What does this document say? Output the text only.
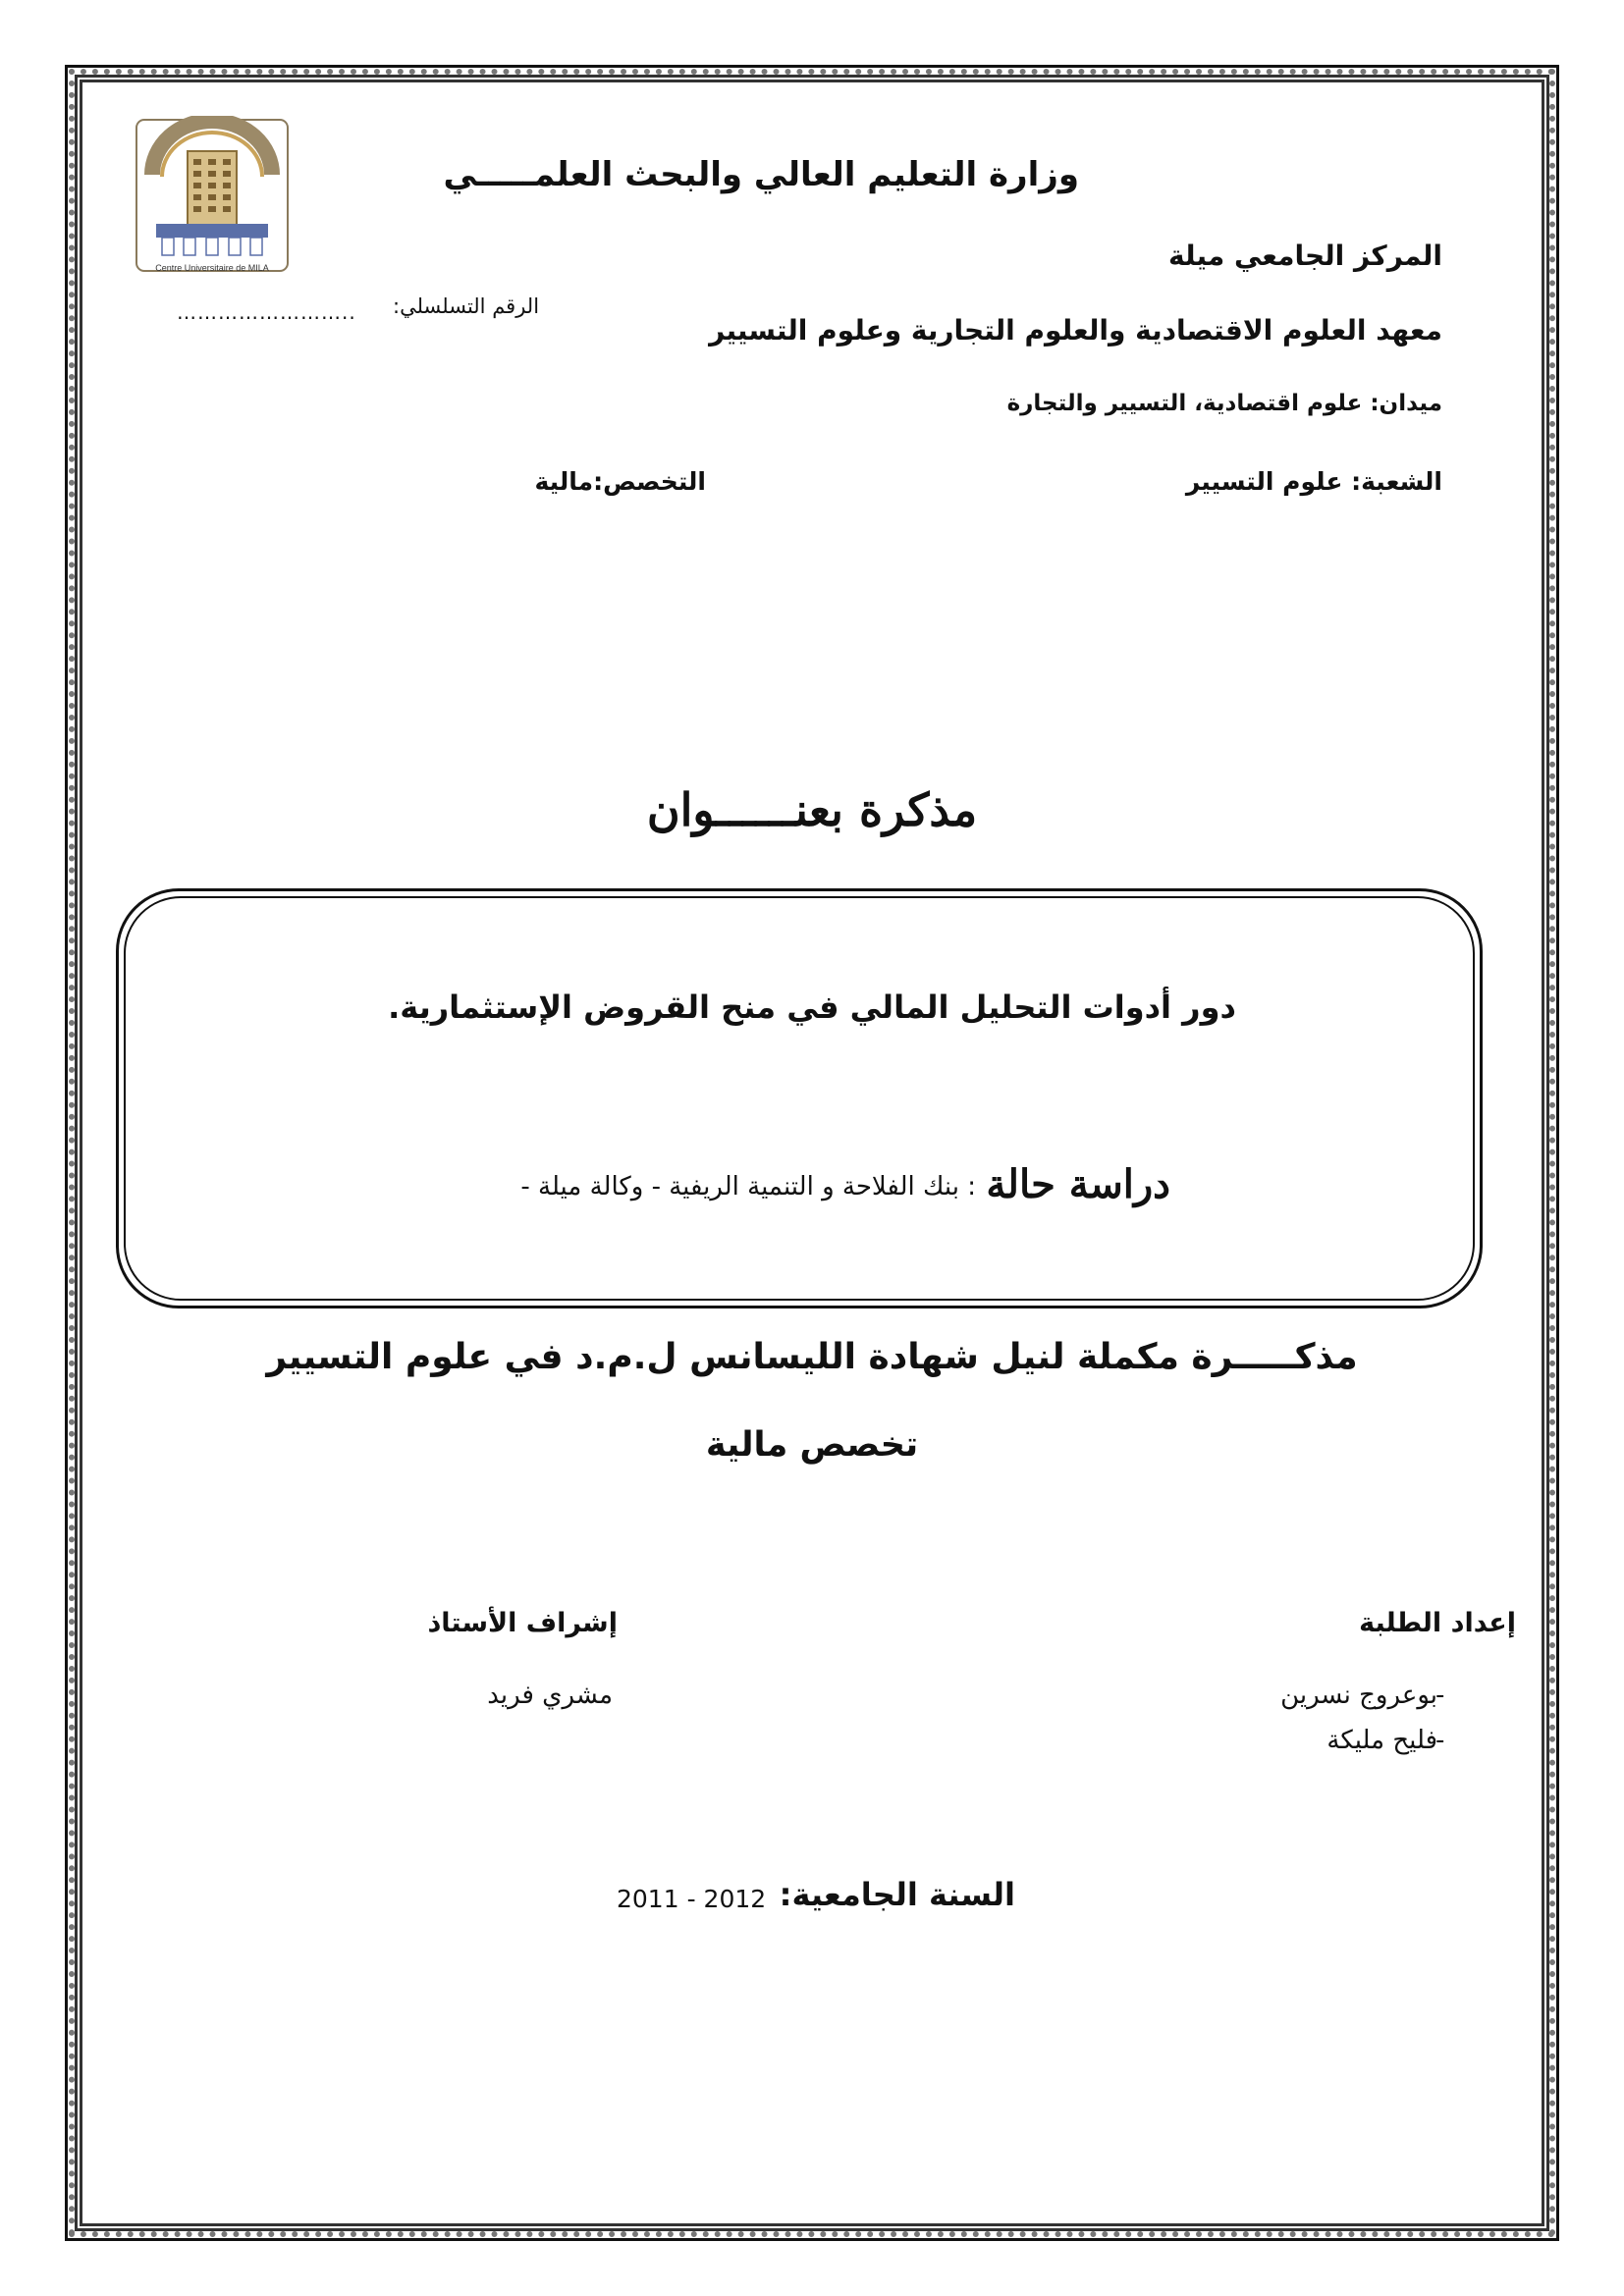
Centre Universitaire de MILA
وزارة التعليم العالي والبحث العلمـــــي
المركز الجامعي ميلة
الرقم التسلسلي:
……………………..
معهد العلوم الاقتصادية والعلوم التجارية وعلوم التسيير
ميدان: علوم اقتصادية، التسيير والتجارة
الشعبة: علوم التسيير
التخصص:مالية
مذكرة بعنــــــوان
دور أدوات التحليل المالي في منح القروض الإستثمارية.
دراسة حالة
: بنك الفلاحة و التنمية الريفية - وكالة ميلة -
مذكـــــرة مكملة لنيل شهادة الليسانس ل.م.د في علوم التسيير
تخصص مالية
إعداد الطلبة
إشراف الأستاذ
-
بوعروج نسرين
-
فليح مليكة
مشري فريد
السنة الجامعية:
2011 - 2012
